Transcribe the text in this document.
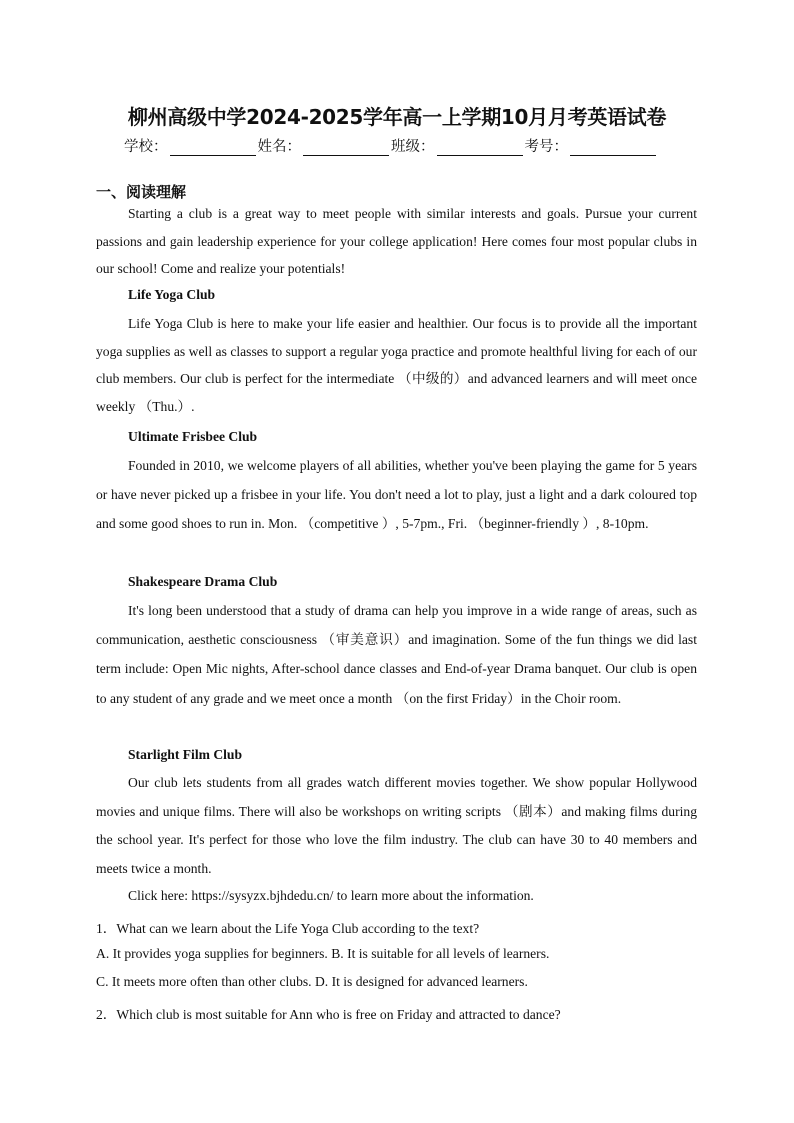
柳州高级中学2024-2025学年高一上学期10月月考英语试卷
学校：	姓名：	班级：	考号：
一、阅读理解

Starting a club is a great way to meet people with similar interests and goals. Pursue your current passions and gain leadership experience for your college application! Here comes four most popular clubs in our school! Come and realize your potentials!

Life Yoga Club

Life Yoga Club is here to make your life easier and healthier. Our focus is to provide all the important yoga supplies as well as classes to support a regular yoga practice and promote healthful living for each of our club members. Our club is perfect for the intermediate （中级的）and advanced learners and will meet once weekly （Thu.）.

Ultimate Frisbee Club

Founded in 2010, we welcome players of all abilities, whether you've been playing the game for 5 years or have never picked up a frisbee in your life. You don't need a lot to play, just a light and a dark coloured top and some good shoes to run in. Mon. （competitive ）, 5-7pm., Fri. （beginner-friendly ）, 8-10pm.

Shakespeare Drama Club

It's long been understood that a study of drama can help you improve in a wide range of areas, such as communication, aesthetic consciousness （审美意识）and imagination. Some of the fun things we did last term include: Open Mic nights, After-school dance classes and End-of-year Drama banquet. Our club is open to any student of any grade and we meet once a month （on the first Friday）in the Choir room.

Starlight Film Club

Our club lets students from all grades watch different movies together. We show popular Hollywood movies and unique films. There will also be workshops on writing scripts （剧本）and making films during the school year. It's perfect for those who love the film industry. The club can have 30 to 40 members and meets twice a month.

Click here: https://sysyzx.bjhdedu.cn/ to learn more about the information.
1．What can we learn about the Life Yoga Club according to the text?
A. It provides yoga supplies for beginners. B. It is suitable for all levels of learners.
C. It meets more often than other clubs. D. It is designed for advanced learners.
2．Which club is most suitable for Ann who is free on Friday and attracted to dance?
